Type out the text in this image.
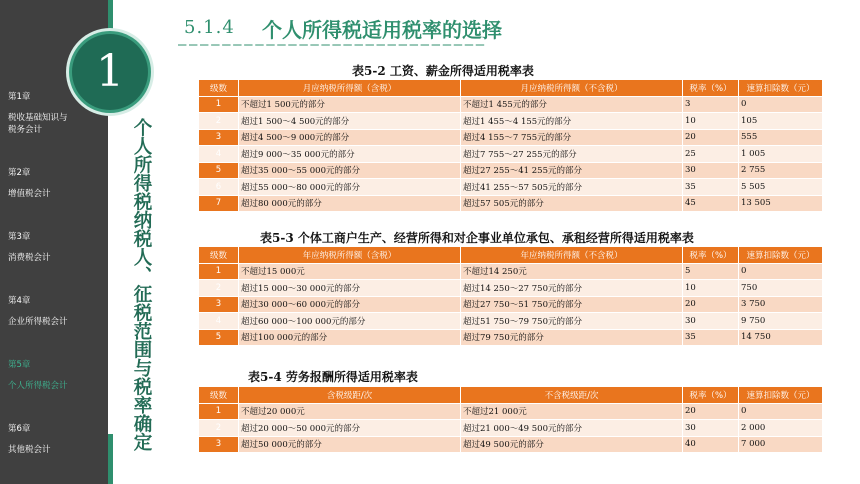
第1章
税收基础知识与税务会计
第2章
增值税会计
第3章
消费税会计
第4章
企业所得税会计
第5章
个人所得税会计
第6章
其他税会计
1
个人所得税纳税人、征税范围与税率确定
5.1.4 个人所得税适用税率的选择
————————————————————————————
表5-2 工资、薪金所得适用税率表
级数	月应纳税所得额（含税）	月应纳税所得额（不含税）	税率（%）	速算扣除数（元）
1	不超过1 500元的部分	不超过1 455元的部分	3	0
2	超过1 500～4 500元的部分	超过1 455～4 155元的部分	10	105
3	超过4 500～9 000元的部分	超过4 155～7 755元的部分	20	555
4	超过9 000～35 000元的部分	超过7 755～27 255元的部分	25	1 005
5	超过35 000～55 000元的部分	超过27 255～41 255元的部分	30	2 755
6	超过55 000～80 000元的部分	超过41 255～57 505元的部分	35	5 505
7	超过80 000元的部分	超过57 505元的部分	45	13 505
表5-3 个体工商户生产、经营所得和对企事业单位承包、承租经营所得适用税率表
级数	年应纳税所得额（含税）	年应纳税所得额（不含税）	税率（%）	速算扣除数（元）
1	不超过15 000元	不超过14 250元	5	0
2	超过15 000～30 000元的部分	超过14 250～27 750元的部分	10	750
3	超过30 000～60 000元的部分	超过27 750～51 750元的部分	20	3 750
4	超过60 000～100 000元的部分	超过51 750～79 750元的部分	30	9 750
5	超过100 000元的部分	超过79 750元的部分	35	14 750
表5-4 劳务报酬所得适用税率表
级数	含税级距/次	不含税级距/次	税率（%）	速算扣除数（元）
1	不超过20 000元	不超过21 000元	20	0
2	超过20 000～50 000元的部分	超过21 000～49 500元的部分	30	2 000
3	超过50 000元的部分	超过49 500元的部分	40	7 000
